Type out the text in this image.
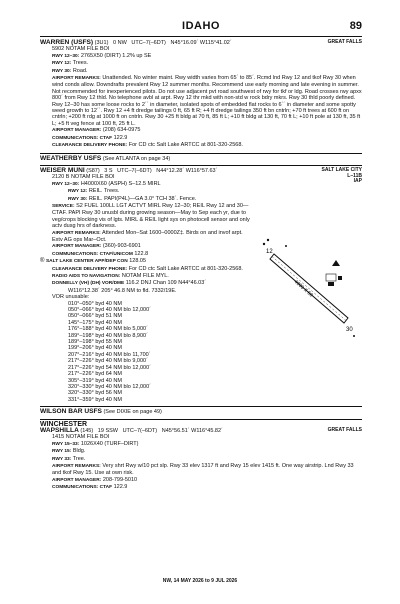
IDAHO	89
WARREN (USFS) (3U1) 0 NW UTC–7(–6DT) N45°16.09´ W115°41.02´	GREAT FALLS
5902 NOTAM FILE BOI
RWY 12–30: 2765X50 (DIRT) 1.2% up SE
RWY 12: Trees.
RWY 30: Road.
AIRPORT REMARKS: Unattended. No winter maint. Rwy width varies from 65´ to 85´. Rcmd lnd Rwy 12 and tkof Rwy 30 when wind conds allow. Downdrafts prevalent Rwy 12 summer months. Recommend use early morning and late evening in summer. Not recommended for inexperienced pilots. Do not use adjacent pvt road southwest of rwy for tkf or ldg. Road crosses rwy apxx 800´ from Rwy 12 thld. No telephone avbl at arpt. Rwy 12 thr mkd with non-std w rock bdry mkrs. Rwy 30 thld poorly defined. Rwy 12–30 has some loose rocks to 2´´ in diameter, isolated spots of embedded flat rocks to 6´´ in diameter and some spotty weed growth to 12´´. Rwy 12 +4 ft dredge tailings 0 ft, 65 ft R; +4 ft dredge tailings 350 ft bn cntrln; +70 ft trees at 600 ft on cntrln; +200 ft rdg at 1000 ft on cntrln. Rwy 30 +25 ft bldg at 70 ft, 85 ft L; +10 ft bldg at 130 ft, 70 ft L; +10 ft pole at 130 ft, 35 ft L; +5 ft veg fence at 100 ft, 25 ft L.
AIRPORT MANAGER: (208) 634-0975
COMMUNICATIONS: CTAF 122.9
CLEARANCE DELIVERY PHONE: For CD ctc Salt Lake ARTCC at 801-320-2568.
WEATHERBY USFS (See ATLANTA on page 34)
WEISER MUNI (S87) 3 S UTC–7(–6DT) N44°12.28´ W116°57.63´	SALT LAKE CITY
L–11B
IAP
2120 B NOTAM FILE BOI
RWY 12–30: H4000X60 (ASPH) S–12.5 MIRL
RWY 12: REIL. Trees.
RWY 30: REIL. PAPI(P4L)—GA 3.0° TCH 38´. Fence.
SERVICE: S2 FUEL 100LL LGT ACTVT MIRL Rwy 12–30; REIL Rwy 12 and 30—CTAF. PAPI Rwy 30 unusbl during growing season—May to Sep each yr, due to veg/crops blocking vis of lgts. MIRL & REIL light sys on photocell sensor and only actv dusg hrs of darkness.
AIRPORT REMARKS: Attended Mon–Sat 1600–0000Z‡. Birds on and invof arpt. Extv AG ops Mar–Oct.
AIRPORT MANAGER: (360)-903-6901
COMMUNICATIONS: CTAF/UNICOM 122.8
® SALT LAKE CENTER APP/DEP CON 128.05
CLEARANCE DELIVERY PHONE: For CD ctc Salt Lake ARTCC at 801-320-2568.
RADIO AIDS TO NAVIGATION: NOTAM FILE MYL.
DONNELLY (VH) (DH) VOR/DME 116.2 DNJ Chan 109 N44°46.03´
W116°12.38´ 205° 46.8 NM to fld. 7332/19E.
VOR unusable:
010°–050° byd 40 NM
050°–066° byd 40 NM blo 12,000´
050°–066° byd 51 NM
145°–175° byd 40 NM
176°–188° byd 40 NM blo 5,000´
189°–198° byd 40 NM blo 8,900´
189°–198° byd 55 NM
199°–206° byd 40 NM
207°–216° byd 40 NM blo 11,700´
217°–226° byd 40 NM blo 9,000´
217°–226° byd 54 NM blo 12,000´
217°–226° byd 64 NM
305°–319° byd 40 NM
320°–330° byd 40 NM blo 12,000´
320°–330° byd 56 NM
331°–359° byd 40 NM
12
30
4000 X 60
WILSON BAR USFS (See DIXIE on page 49)
WINCHESTER
WAPSHILLA (145) 19 SSW UTC–7(–6DT) N45°56.51´ W116°45.82´	GREAT FALLS
1415 NOTAM FILE BOI
RWY 15–33: 1026X40 (TURF–DIRT)
RWY 15: Bldg.
RWY 33: Tree.
AIRPORT REMARKS: Very shrt Rwy w/10 pct slp. Rwy 33 elev 1317 ft and Rwy 15 elev 1415 ft. One way airstrip. Lnd Rwy 33 and tkof Rwy 15. Use at own risk.
AIRPORT MANAGER: 208-799-5010
COMMUNICATIONS: CTAF 122.9
NW, 14 MAY 2026 to 9 JUL 2026
